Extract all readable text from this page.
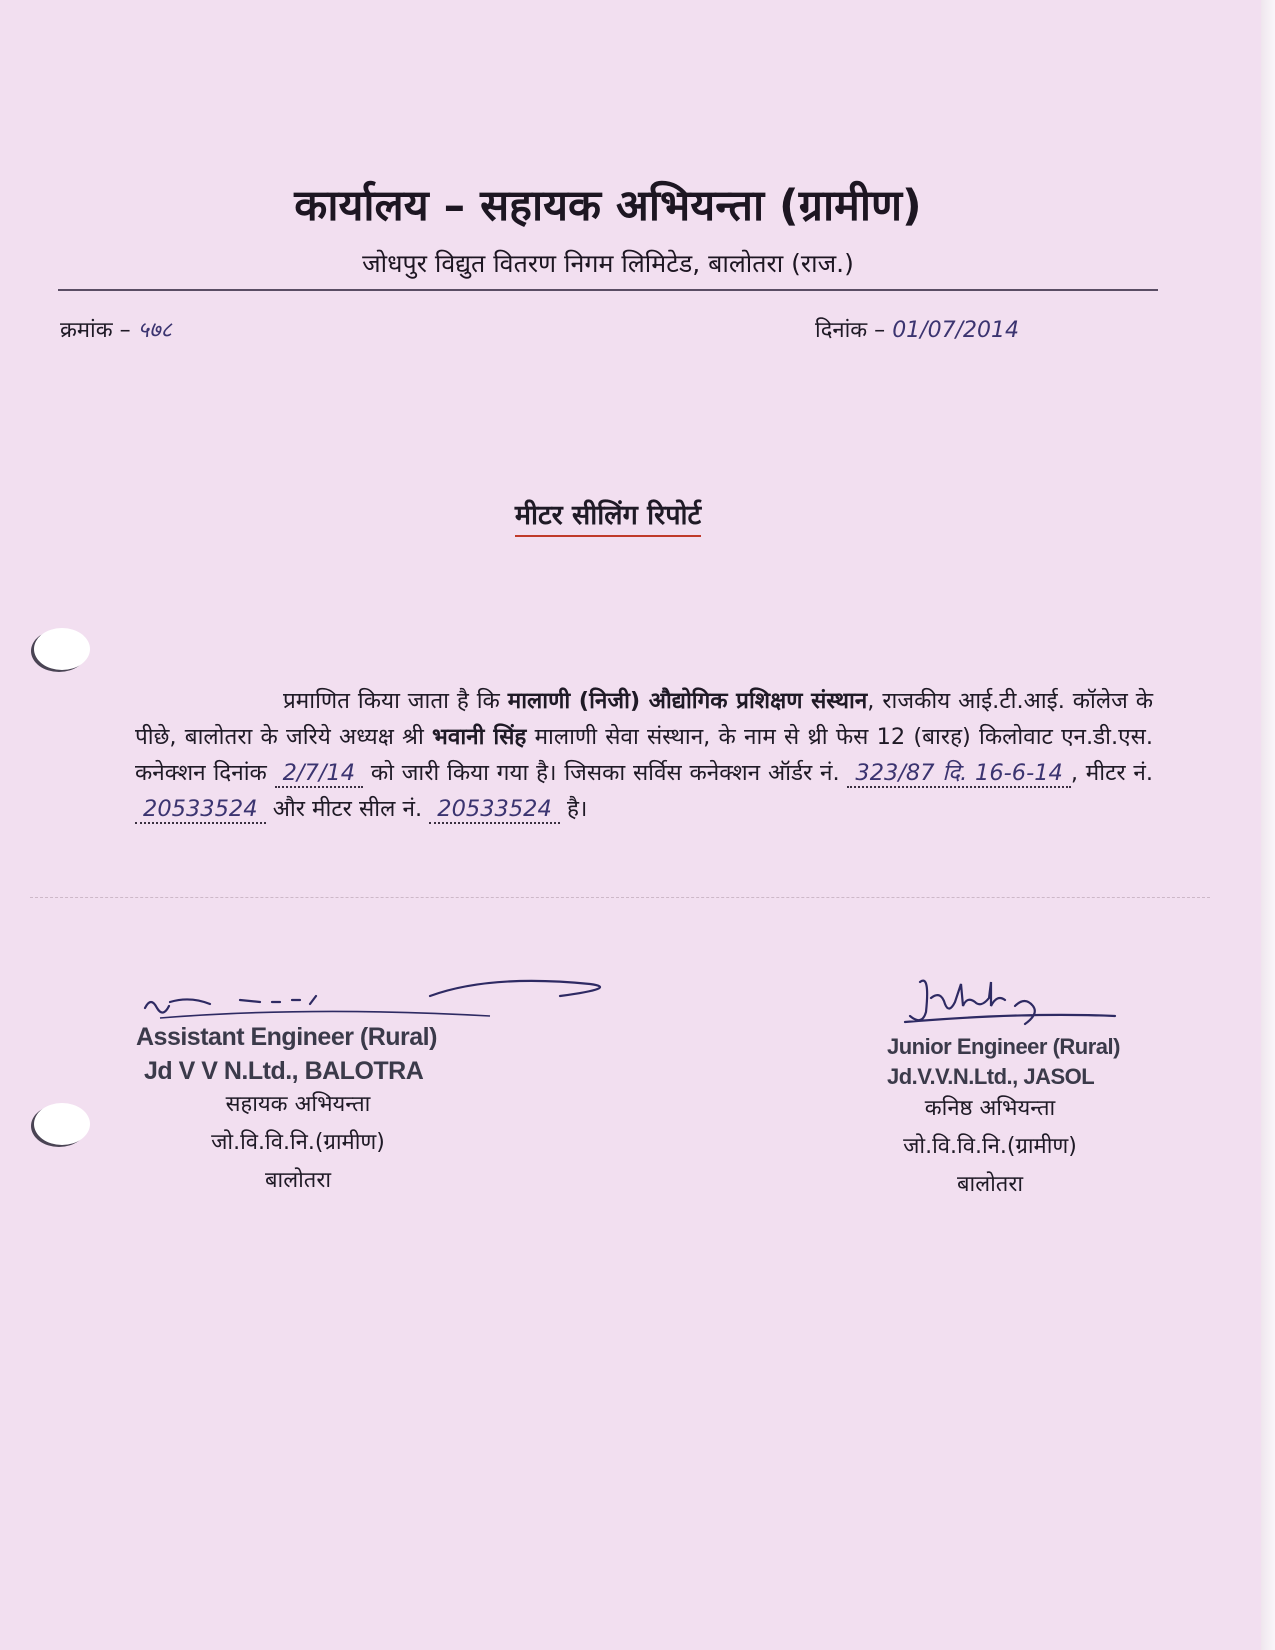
कार्यालय – सहायक अभियन्ता (ग्रामीण)
जोधपुर विद्युत वितरण निगम लिमिटेड, बालोतरा (राज.)
क्रमांक – ५७८	दिनांक – 01/07/2014
मीटर सीलिंग रिपोर्ट
प्रमाणित किया जाता है कि मालाणी (निजी) औद्योगिक प्रशिक्षण संस्थान, राजकीय आई.टी.आई. कॉलेज के पीछे, बालोतरा के जरिये अध्यक्ष श्री भवानी सिंह मालाणी सेवा संस्थान, के नाम से थ्री फेस 12 (बारह) किलोवाट एन.डी.एस. कनेक्शन दिनांक 2/7/14 को जारी किया गया है। जिसका सर्विस कनेक्शन ऑर्डर नं. 323/87 दि. 16-6-14 , मीटर नं. 20533524 और मीटर सील नं. 20533524 है।
Assistant Engineer (Rural)
Jd V V N.Ltd., BALOTRA
सहायक अभियन्ता
जो.वि.वि.नि.(ग्रामीण)
बालोतरा
Junior Engineer (Rural)
Jd.V.V.N.Ltd., JASOL
कनिष्ठ अभियन्ता
जो.वि.वि.नि.(ग्रामीण)
बालोतरा
